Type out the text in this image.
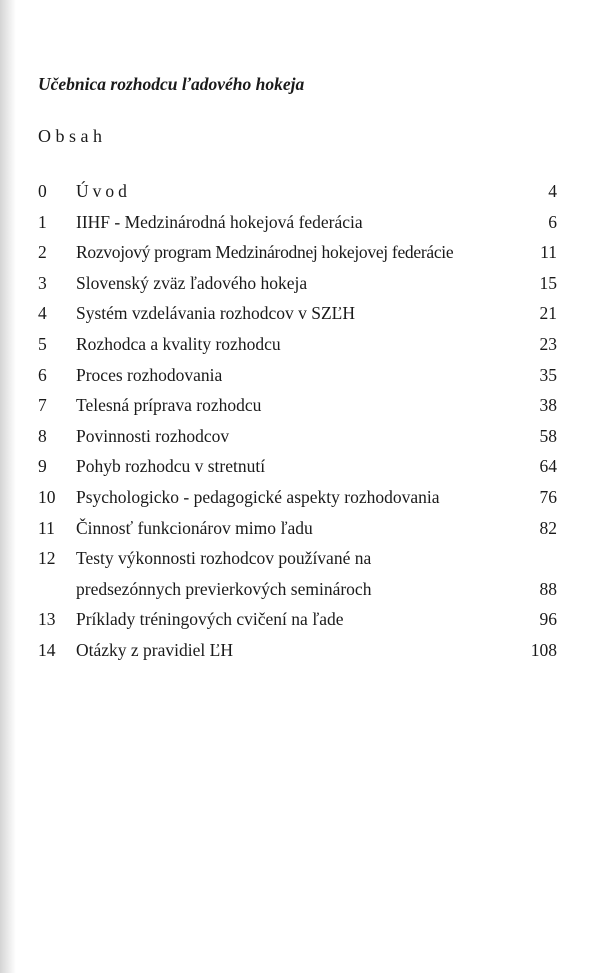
Učebnica rozhodcu ľadového hokeja
Obsah
0 Úvod	4
1 IIHF - Medzinárodná hokejová federácia	6
2 Rozvojový program Medzinárodnej hokejovej federácie	11
3 Slovenský zväz ľadového hokeja	15
4 Systém vzdelávania rozhodcov v SZĽH	21
5 Rozhodca a kvality rozhodcu	23
6 Proces rozhodovania	35
7 Telesná príprava rozhodcu	38
8 Povinnosti rozhodcov	58
9 Pohyb rozhodcu v stretnutí	64
10 Psychologicko - pedagogické aspekty rozhodovania	76
11 Činnosť funkcionárov mimo ľadu	82
12 Testy výkonnosti rozhodcov používané na
predsezónnych previerkových seminároch	88
13 Príklady tréningových cvičení na ľade	96
14 Otázky z pravidiel ĽH	108
